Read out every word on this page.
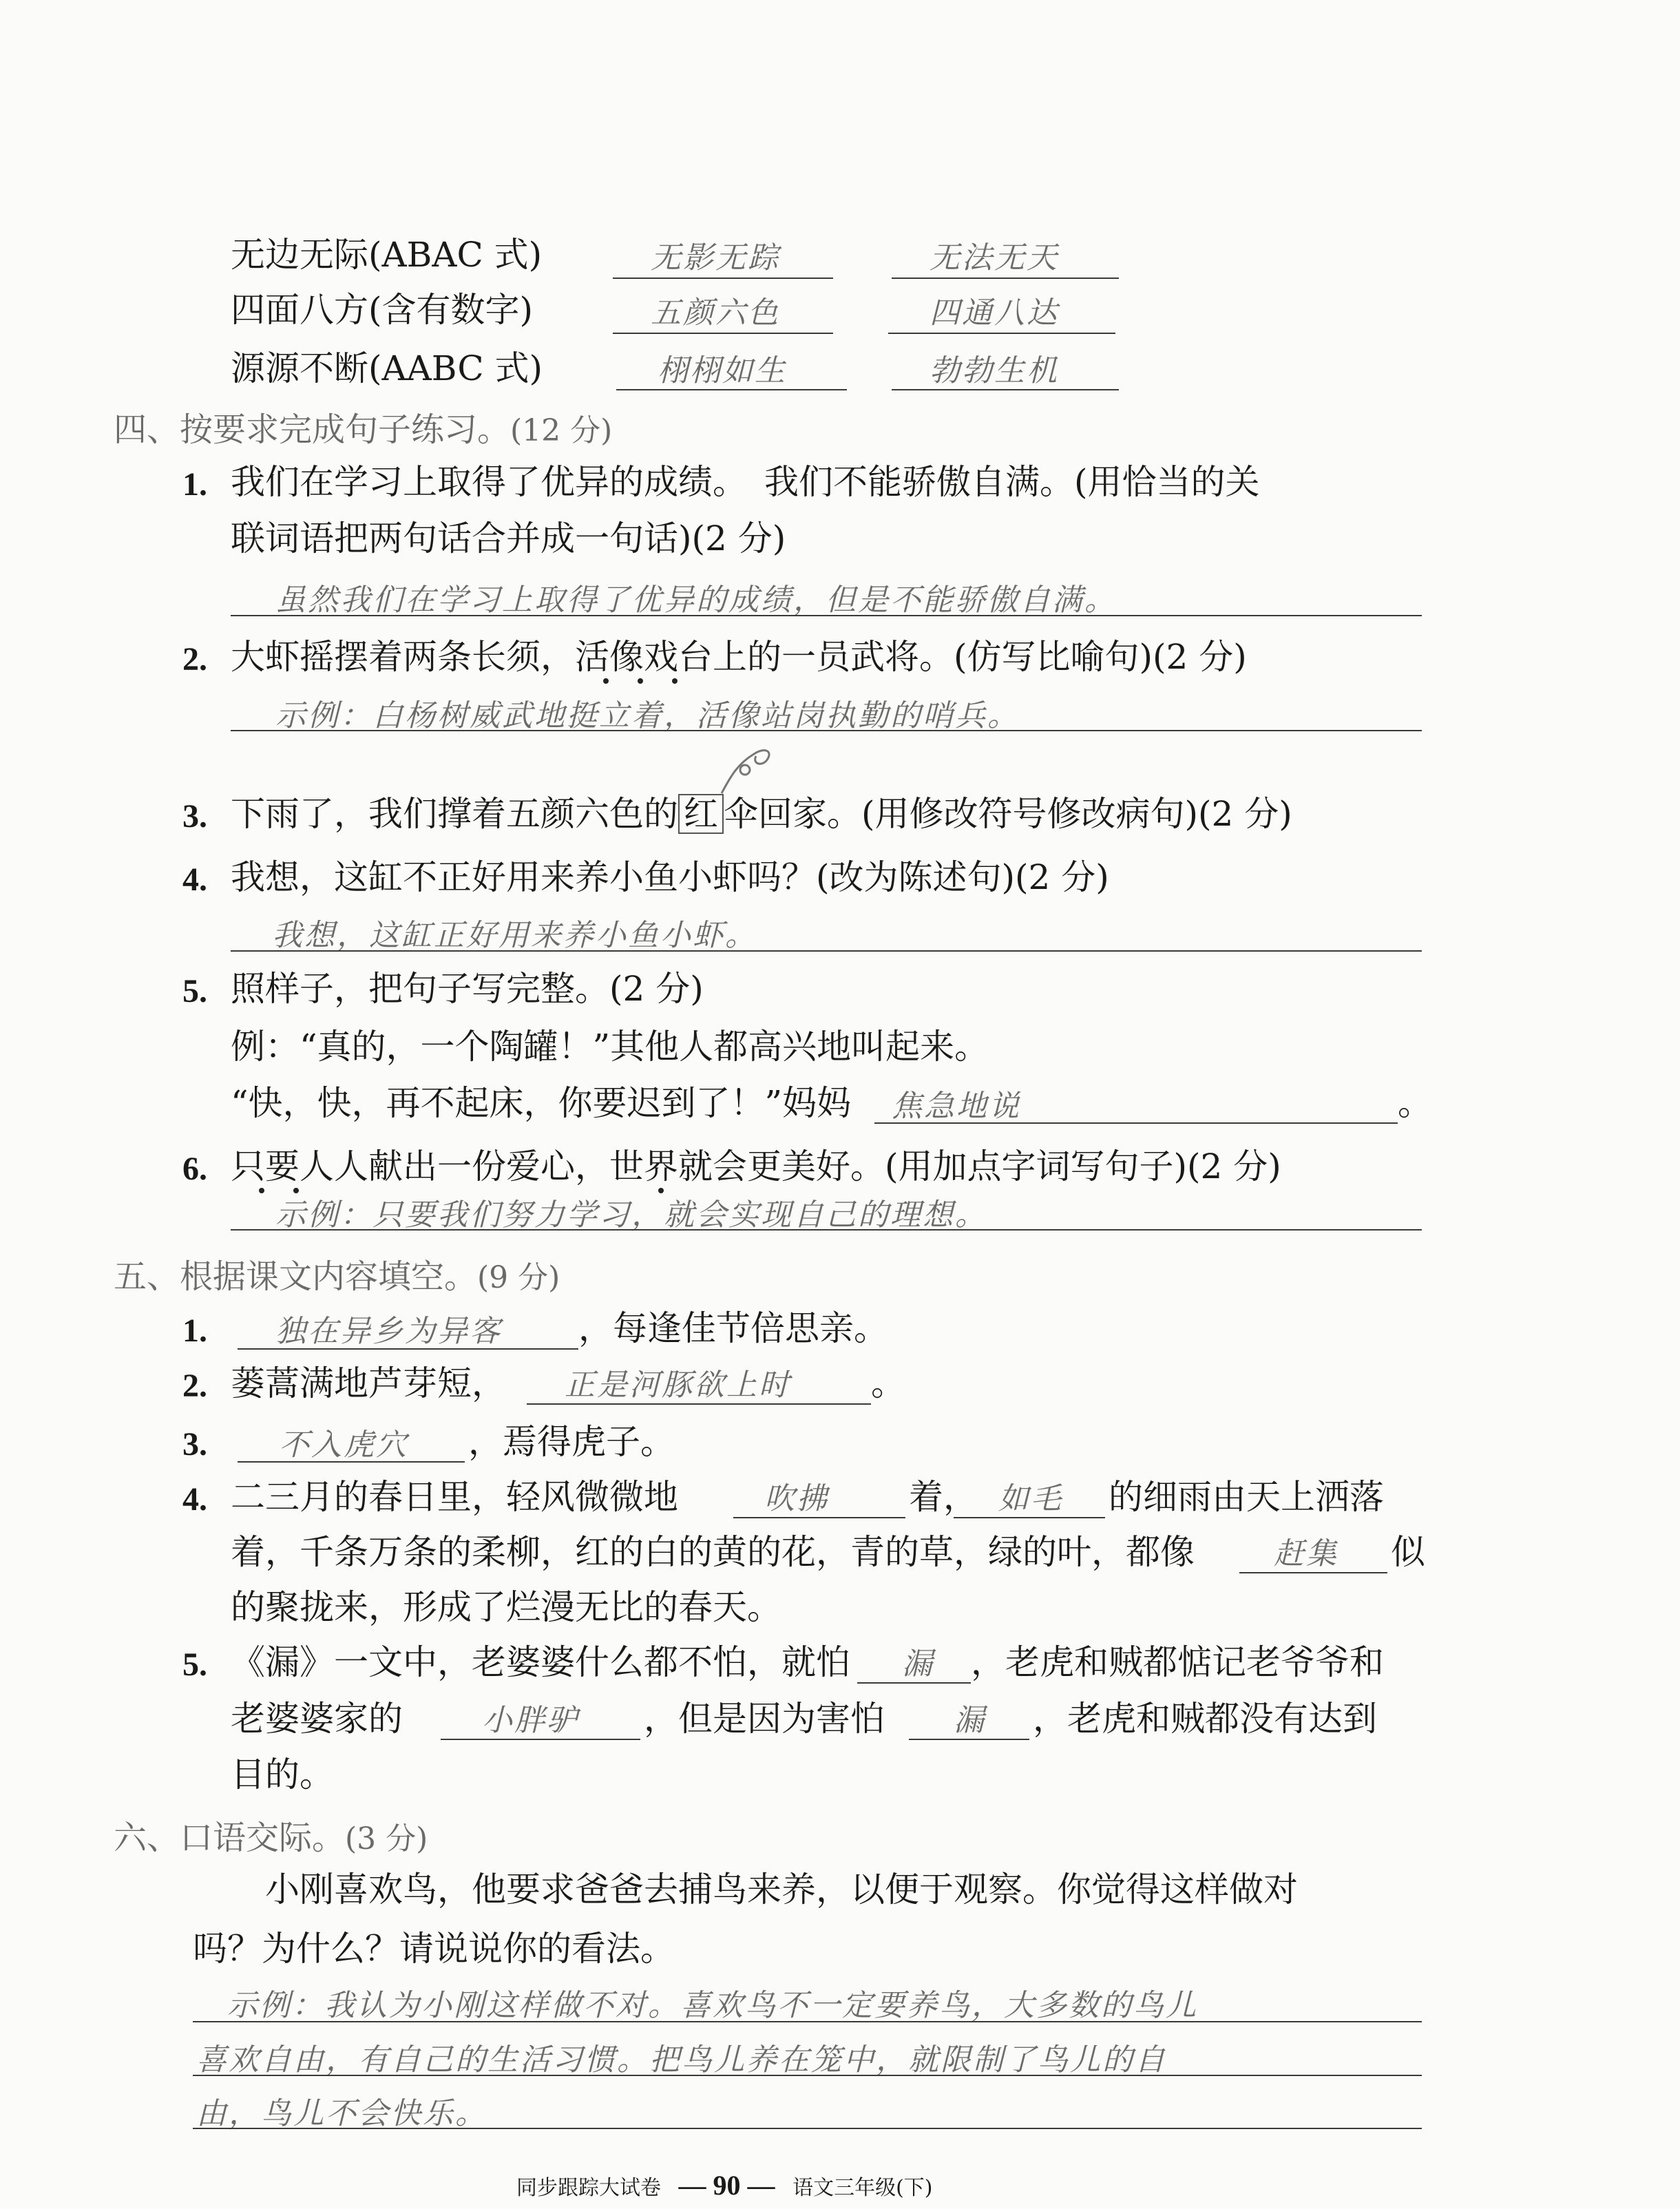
无边无际(ABAC 式)	无影无踪	无法无天
四面八方(含有数字)	五颜六色	四通八达
源源不断(AABC 式)	栩栩如生	勃勃生机
四、按要求完成句子练习。(12 分)
1. 我们在学习上取得了优异的成绩。　我们不能骄傲自满。(用恰当的关
联词语把两句话合并成一句话)(2 分)
虽然我们在学习上取得了优异的成绩，但是不能骄傲自满。
2. 大虾摇摆着两条长须，活像戏台上的一员武将。(仿写比喻句)(2 分)
示例：白杨树威武地挺立着，活像站岗执勤的哨兵。
3. 下雨了，我们撑着五颜六色的 红 伞回家。(用修改符号修改病句)(2 分)
4. 我想，这缸不正好用来养小鱼小虾吗？(改为陈述句)(2 分)
我想，这缸正好用来养小鱼小虾。
5. 照样子，把句子写完整。(2 分)
例：“真的，一个陶罐！”其他人都高兴地叫起来。
“快，快，再不起床，你要迟到了！”妈妈 焦急地说	。
6. 只要人人献出一份爱心，世界就会更美好。(用加点字词写句子)(2 分)
示例：只要我们努力学习，就会实现自己的理想。
五、根据课文内容填空。(9 分)
1. 独在异乡为异客 ，每逢佳节倍思亲。
2. 蒌蒿满地芦芽短， 正是河豚欲上时 。
3. 不入虎穴 ，焉得虎子。
4. 二三月的春日里，轻风微微地	吹拂 着， 如毛 的细雨由天上洒落
着，千条万条的柔柳，红的白的黄的花，青的草，绿的叶，都像	赶集 似
的聚拢来，形成了烂漫无比的春天。
5. 《漏》一文中，老婆婆什么都不怕，就怕 漏 ，老虎和贼都惦记老爷爷和
老婆婆家的	小胖驴 ，但是因为害怕 漏 ，老虎和贼都没有达到
目的。
六、口语交际。(3 分)
小刚喜欢鸟，他要求爸爸去捕鸟来养，以便于观察。你觉得这样做对
吗？为什么？请说说你的看法。
示例：我认为小刚这样做不对。喜欢鸟不一定要养鸟，大多数的鸟儿
喜欢自由，有自己的生活习惯。把鸟儿养在笼中，就限制了鸟儿的自
由，鸟儿不会快乐。
同步跟踪大试卷 — 90 — 语文三年级(下)
